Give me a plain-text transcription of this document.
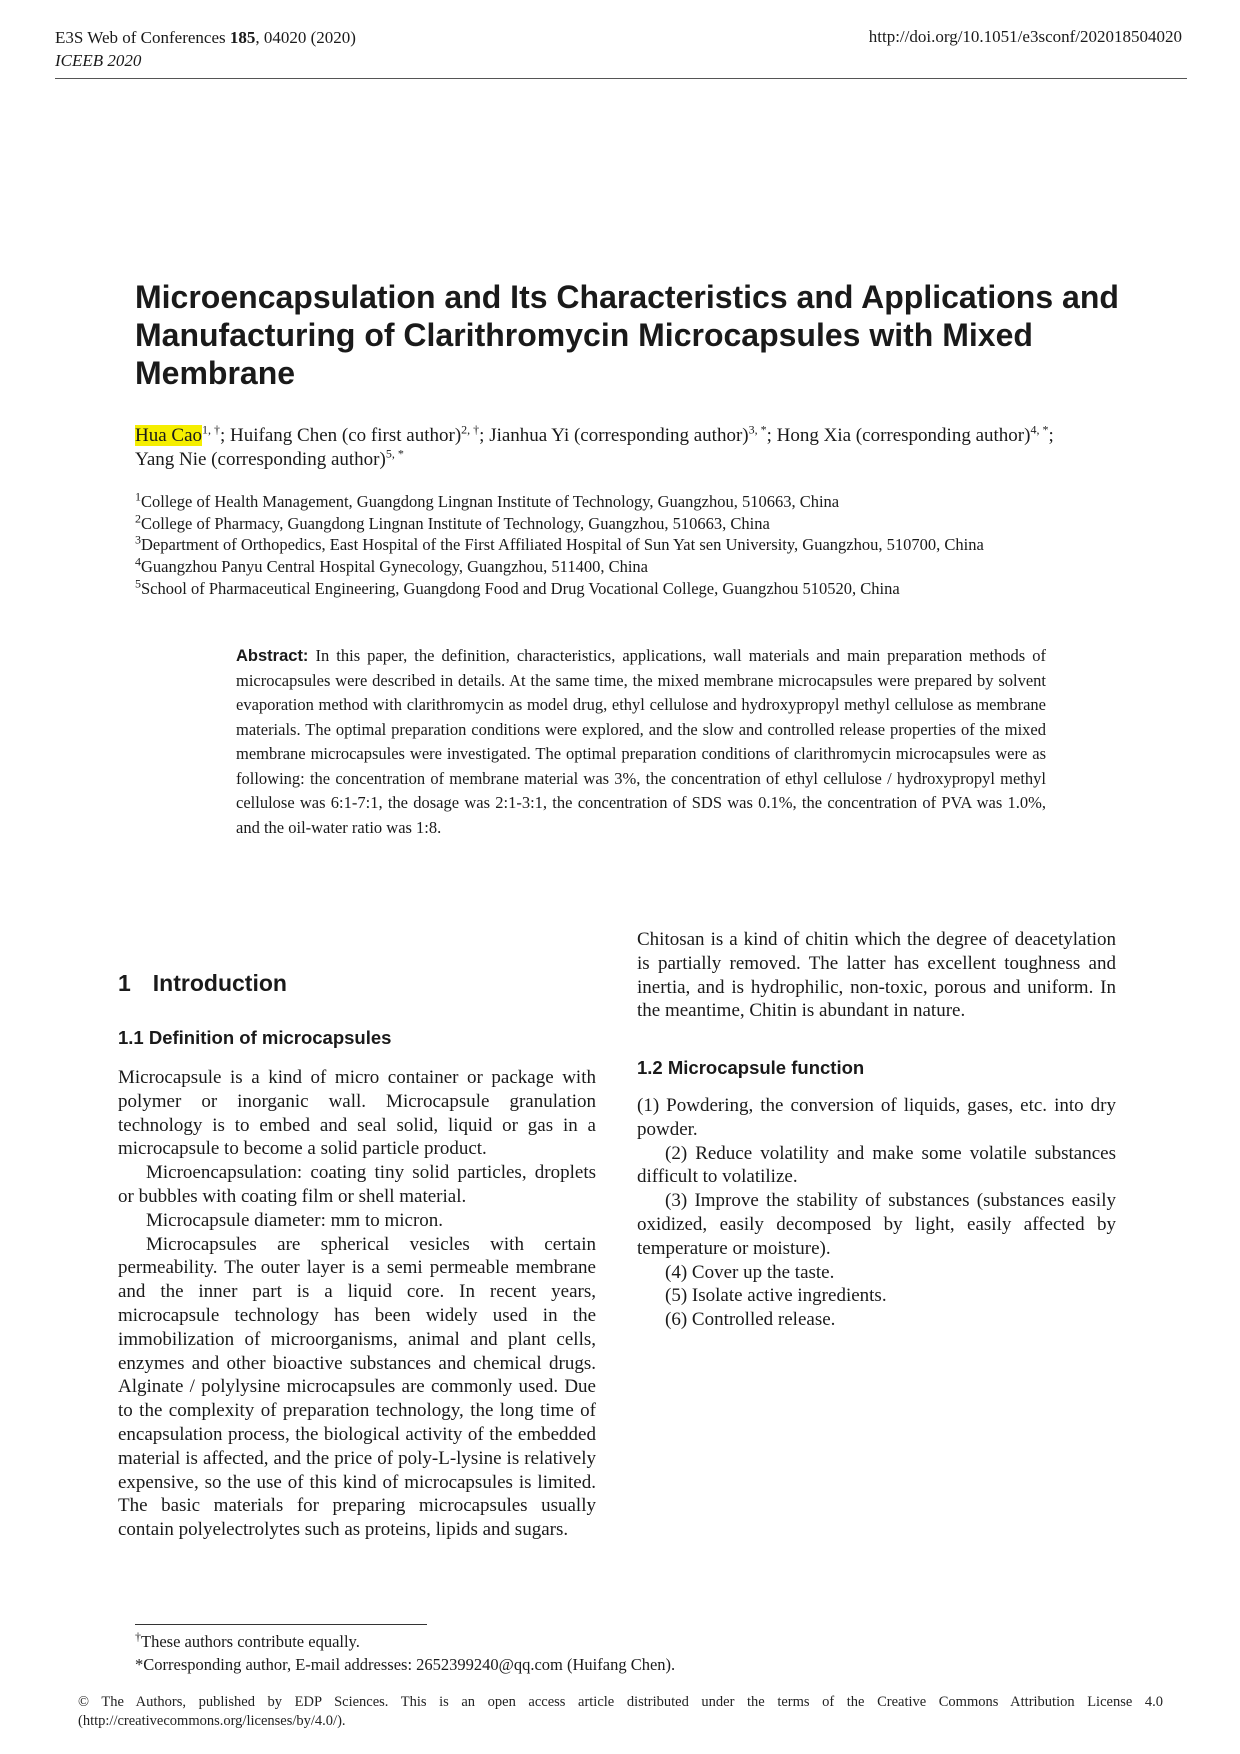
E3S Web of Conferences 185, 04020 (2020)
ICEEB 2020
http://doi.org/10.1051/e3sconf/202018504020
Microencapsulation and Its Characteristics and Applications and Manufacturing of Clarithromycin Microcapsules with Mixed Membrane
Hua Cao$^{1, \dagger}$; Huifang Chen (co first author)$^{2, \dagger}$; Jianhua Yi (corresponding author)$^{3, *}$; Hong Xia (corresponding author)$^{4, *}$;
Yang Nie (corresponding author)$^{5, *}$
$^1$College of Health Management, Guangdong Lingnan Institute of Technology, Guangzhou, 510663, China
$^2$College of Pharmacy, Guangdong Lingnan Institute of Technology, Guangzhou, 510663, China
$^3$Department of Orthopedics, East Hospital of the First Affiliated Hospital of Sun Yat sen University, Guangzhou, 510700, China
$^4$Guangzhou Panyu Central Hospital Gynecology, Guangzhou, 511400, China
$^5$School of Pharmaceutical Engineering, Guangdong Food and Drug Vocational College, Guangzhou 510520, China
Abstract: In this paper, the definition, characteristics, applications, wall materials and main preparation methods of microcapsules were described in details. At the same time, the mixed membrane microcapsules were prepared by solvent evaporation method with clarithromycin as model drug, ethyl cellulose and hydroxypropyl methyl cellulose as membrane materials. The optimal preparation conditions were explored, and the slow and controlled release properties of the mixed membrane microcapsules were investigated. The optimal preparation conditions of clarithromycin microcapsules were as following: the concentration of membrane material was 3%, the concentration of ethyl cellulose / hydroxypropyl methyl cellulose was 6:1-7:1, the dosage was 2:1-3:1, the concentration of SDS was 0.1%, the concentration of PVA was 1.0%, and the oil-water ratio was 1:8.
1 Introduction
1.1 Definition of microcapsules

Microcapsule is a kind of micro container or package with polymer or inorganic wall. Microcapsule granulation technology is to embed and seal solid, liquid or gas in a microcapsule to become a solid particle product.

Microencapsulation: coating tiny solid particles, droplets or bubbles with coating film or shell material.

Microcapsule diameter: mm to micron.

Microcapsules are spherical vesicles with certain permeability. The outer layer is a semi permeable membrane and the inner part is a liquid core. In recent years, microcapsule technology has been widely used in the immobilization of microorganisms, animal and plant cells, enzymes and other bioactive substances and chemical drugs. Alginate / polylysine microcapsules are commonly used. Due to the complexity of preparation technology, the long time of encapsulation process, the biological activity of the embedded material is affected, and the price of poly-L-lysine is relatively expensive, so the use of this kind of microcapsules is limited. The basic materials for preparing microcapsules usually contain polyelectrolytes such as proteins, lipids and sugars.

Chitosan is a kind of chitin which the degree of deacetylation is partially removed. The latter has excellent toughness and inertia, and is hydrophilic, non-toxic, porous and uniform. In the meantime, Chitin is abundant in nature.

1.2 Microcapsule function

(1) Powdering, the conversion of liquids, gases, etc. into dry powder.

(2) Reduce volatility and make some volatile substances difficult to volatilize.

(3) Improve the stability of substances (substances easily oxidized, easily decomposed by light, easily affected by temperature or moisture).

(4) Cover up the taste.

(5) Isolate active ingredients.

(6) Controlled release.

†These authors contribute equally.
*Corresponding author, E-mail addresses: 2652399240@qq.com (Huifang Chen).
© The Authors, published by EDP Sciences. This is an open access article distributed under the terms of the Creative Commons Attribution License 4.0 (http://creativecommons.org/licenses/by/4.0/).
